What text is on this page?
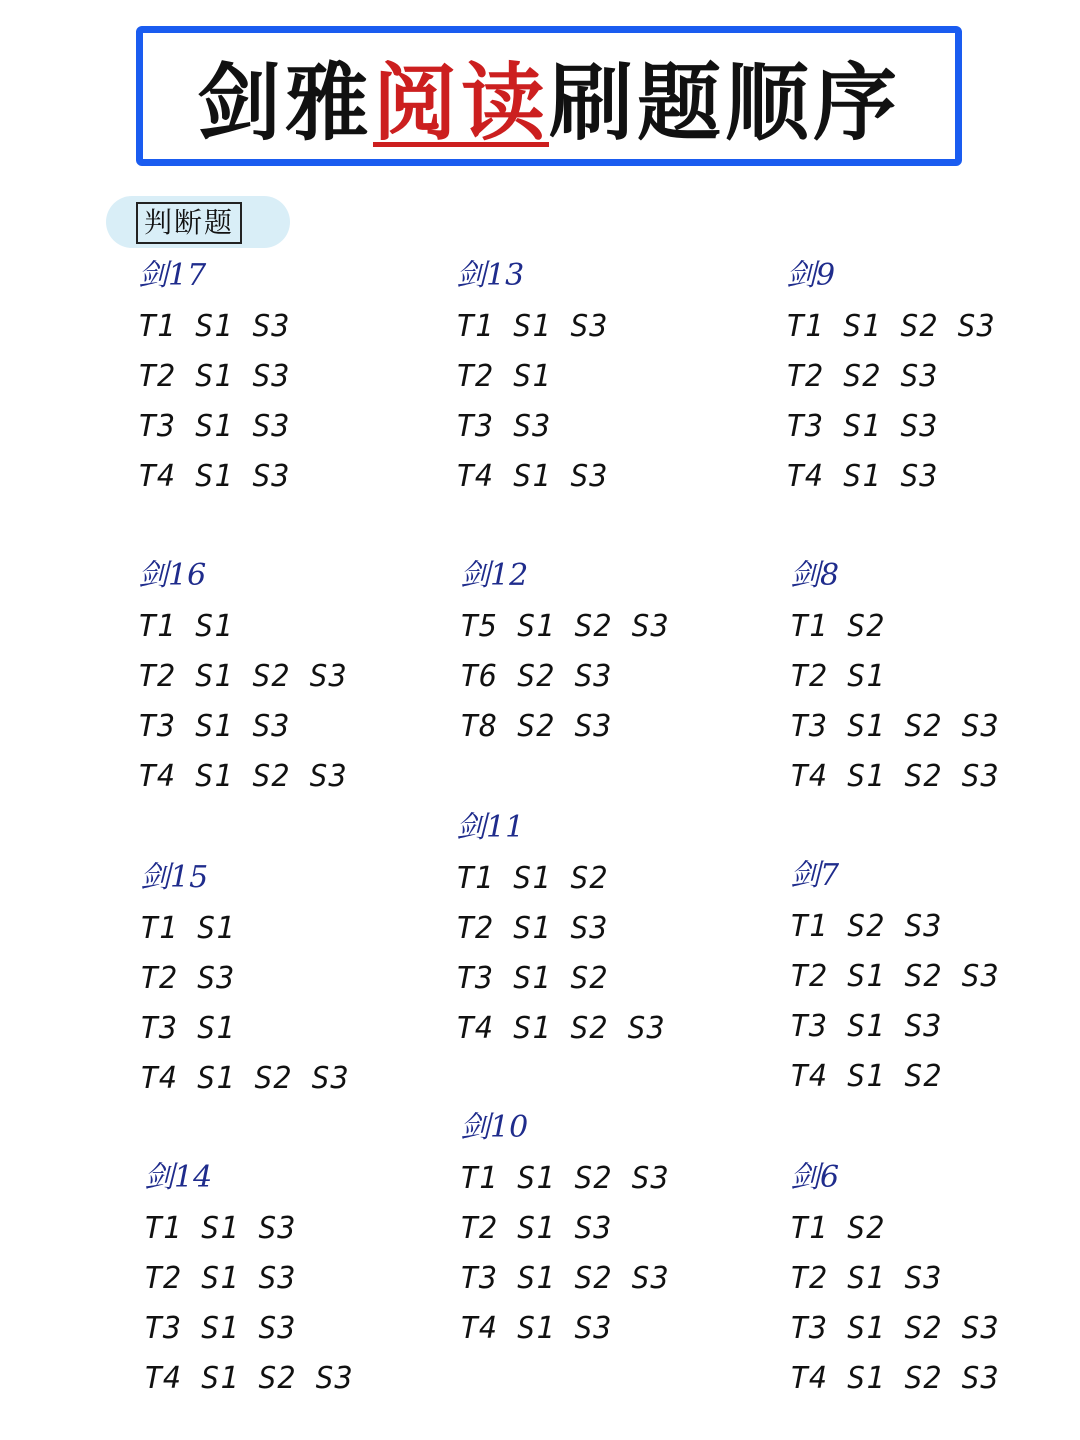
剑雅阅读刷题顺序
判断题
剑17
T1 S1 S3
T2 S1 S3
T3 S1 S3
T4 S1 S3
剑16
T1 S1
T2 S1 S2 S3
T3 S1 S3
T4 S1 S2 S3
剑15
T1 S1
T2 S3
T3 S1
T4 S1 S2 S3
剑14
T1 S1 S3
T2 S1 S3
T3 S1 S3
T4 S1 S2 S3
剑13
T1 S1 S3
T2 S1
T3 S3
T4 S1 S3
剑12
T5 S1 S2 S3
T6 S2 S3
T8 S2 S3
剑11
T1 S1 S2
T2 S1 S3
T3 S1 S2
T4 S1 S2 S3
剑10
T1 S1 S2 S3
T2 S1 S3
T3 S1 S2 S3
T4 S1 S3
剑9
T1 S1 S2 S3
T2 S2 S3
T3 S1 S3
T4 S1 S3
剑8
T1 S2
T2 S1
T3 S1 S2 S3
T4 S1 S2 S3
剑7
T1 S2 S3
T2 S1 S2 S3
T3 S1 S3
T4 S1 S2
剑6
T1 S2
T2 S1 S3
T3 S1 S2 S3
T4 S1 S2 S3
